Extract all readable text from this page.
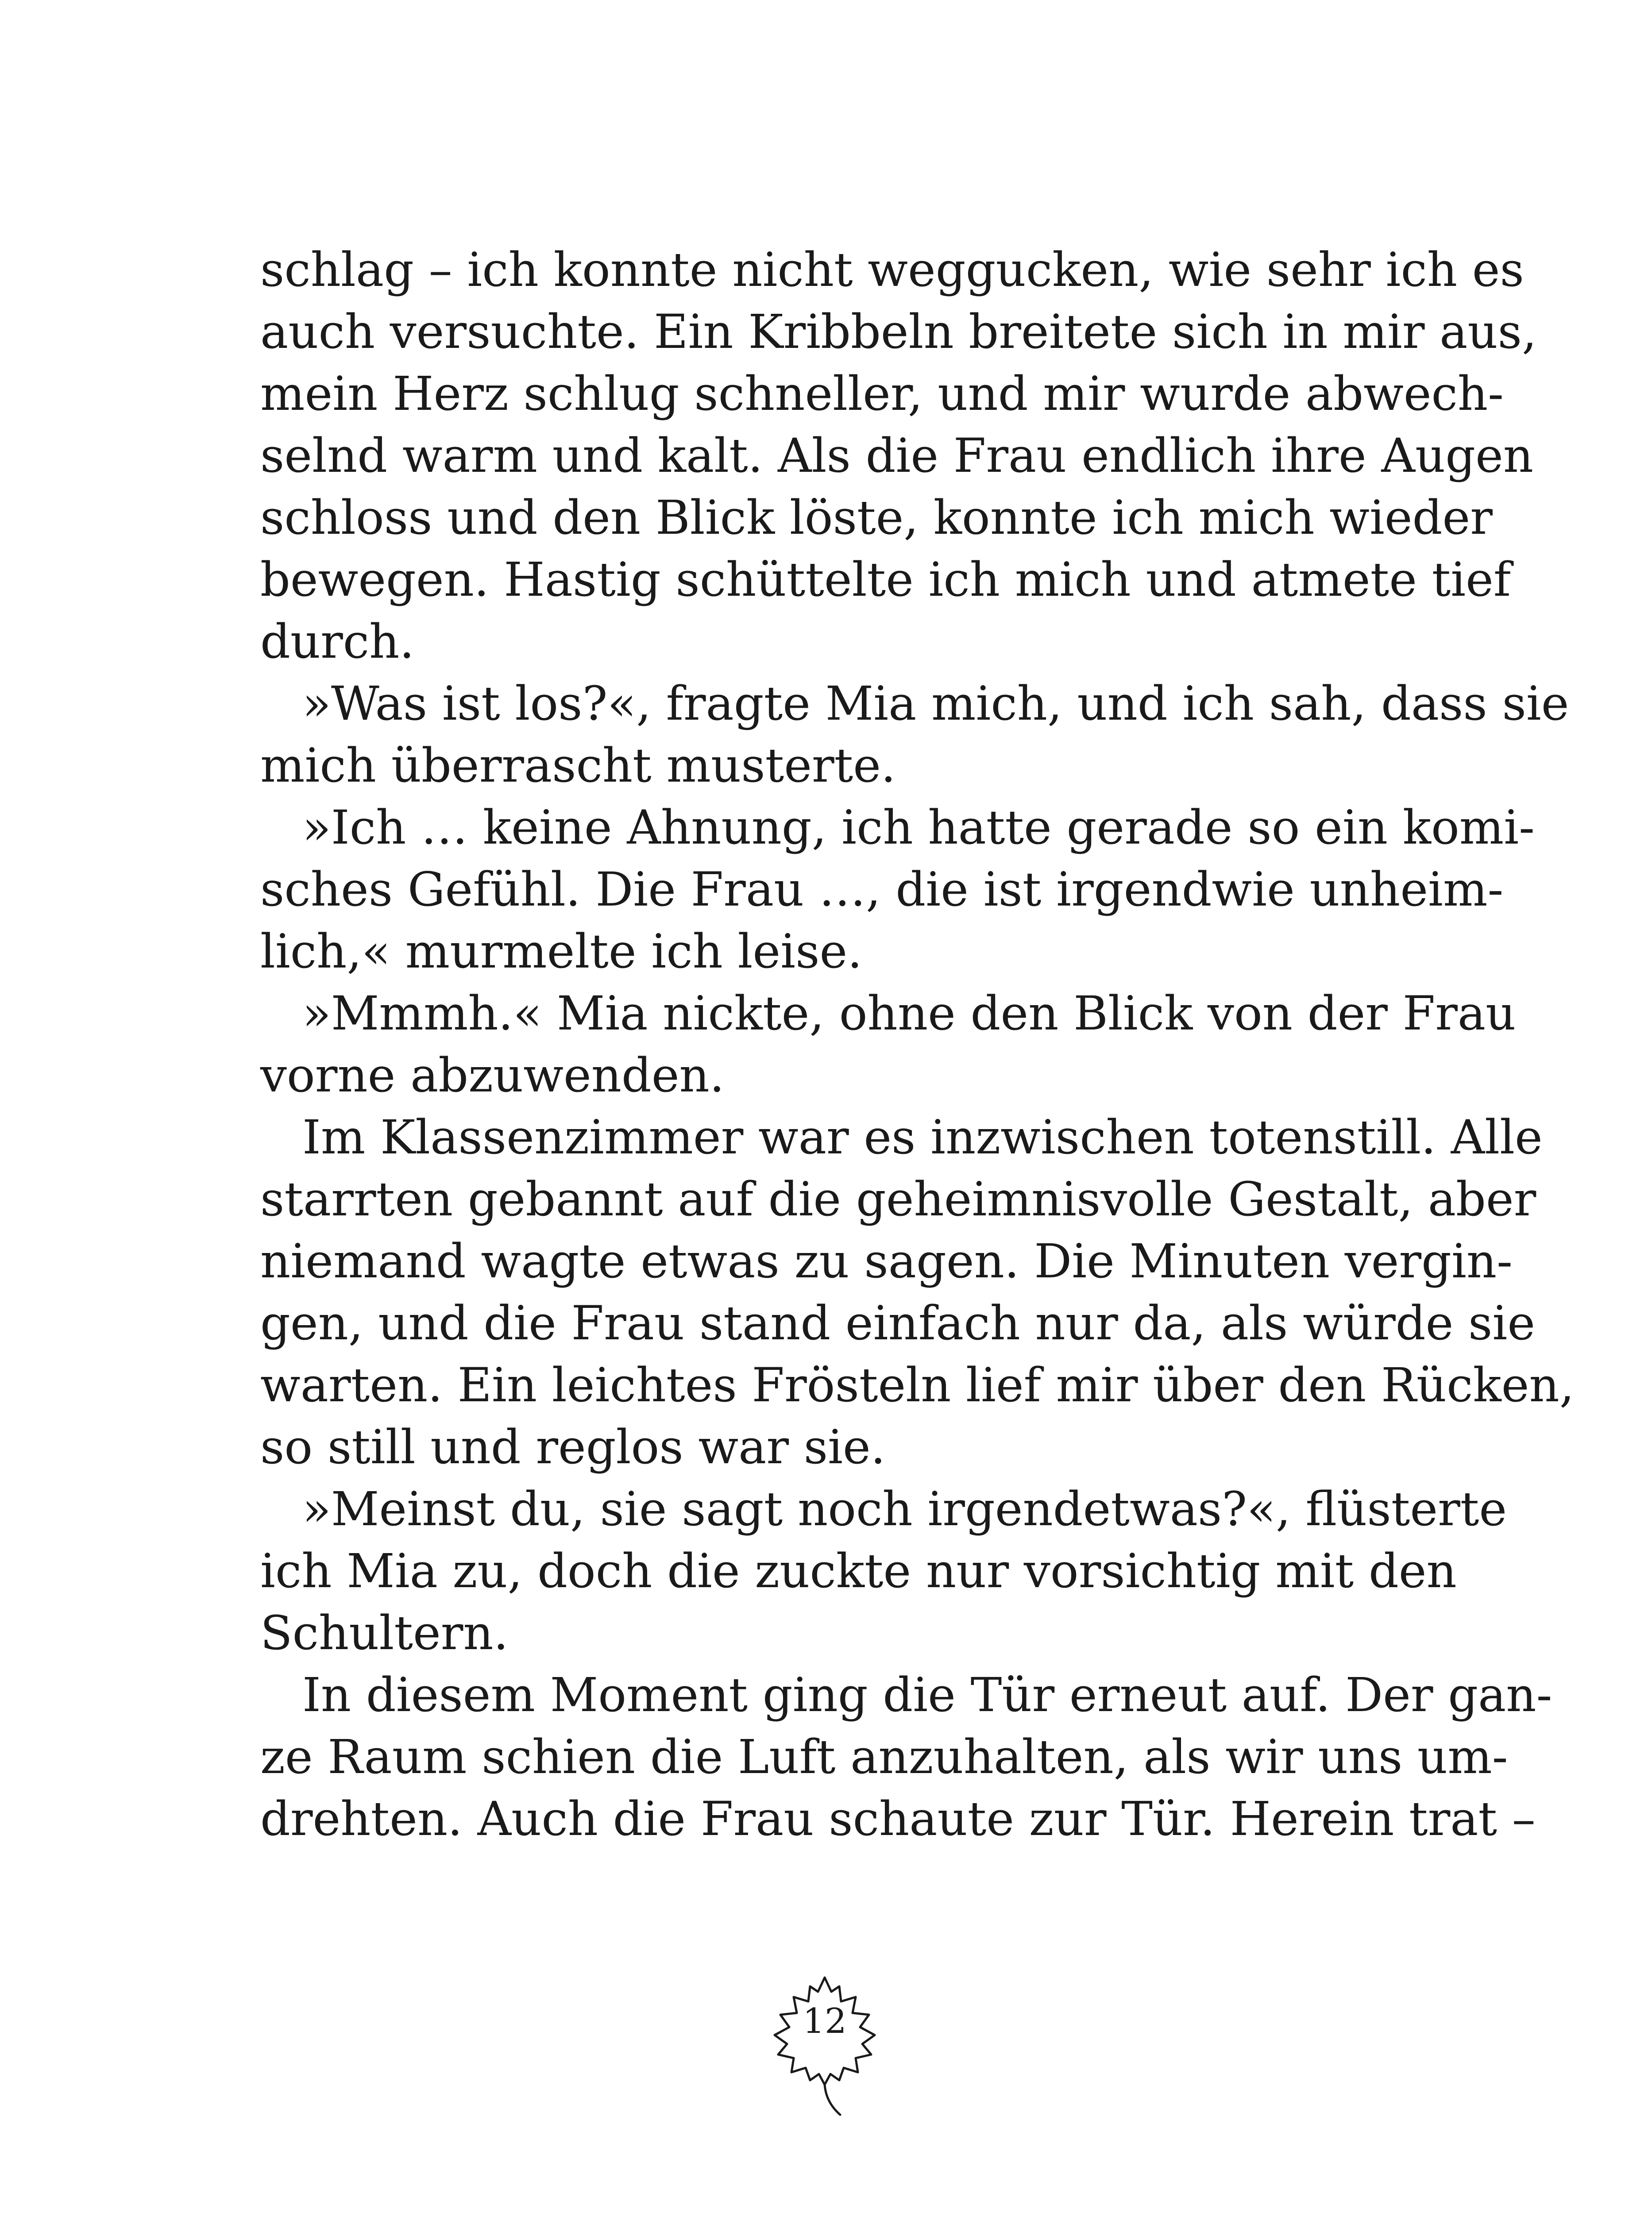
schlag – ich konnte nicht weggucken, wie sehr ich es
auch versuchte. Ein Kribbeln breitete sich in mir aus,
mein Herz schlug schneller, und mir wurde abwech-
selnd warm und kalt. Als die Frau endlich ihre Augen
schloss und den Blick löste, konnte ich mich wieder
bewegen. Hastig schüttelte ich mich und atmete tief
durch.
»Was ist los?«, fragte Mia mich, und ich sah, dass sie
mich überrascht musterte.
»Ich … keine Ahnung, ich hatte gerade so ein komi-
sches Gefühl. Die Frau …, die ist irgendwie unheim-
lich,« murmelte ich leise.
»Mmmh.« Mia nickte, ohne den Blick von der Frau
vorne abzuwenden.
Im Klassenzimmer war es inzwischen totenstill. Alle
starrten gebannt auf die geheimnisvolle Gestalt, aber
niemand wagte etwas zu sagen. Die Minuten vergin-
gen, und die Frau stand einfach nur da, als würde sie
warten. Ein leichtes Frösteln lief mir über den Rücken,
so still und reglos war sie.
»Meinst du, sie sagt noch irgendetwas?«, flüsterte
ich Mia zu, doch die zuckte nur vorsichtig mit den
Schultern.
In diesem Moment ging die Tür erneut auf. Der gan-
ze Raum schien die Luft anzuhalten, als wir uns um-
drehten. Auch die Frau schaute zur Tür. Herein trat –
12
